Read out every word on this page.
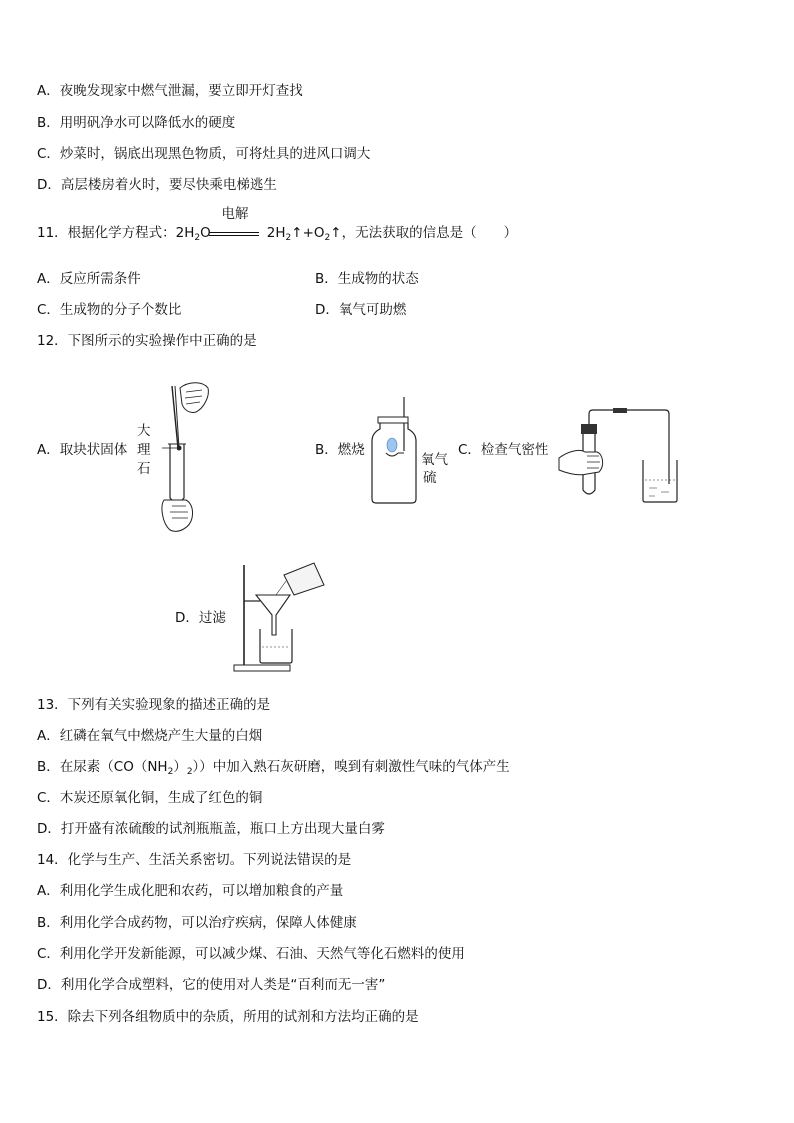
A．夜晚发现家中燃气泄漏，要立即开灯查找
B．用明矾净水可以降低水的硬度
C．炒菜时，锅底出现黑色物质，可将灶具的进风口调大
D．高层楼房着火时，要尽快乘电梯逃生
11．根据化学方程式：$2H_2O$	$2H_2↑+O_2↑$，无法获取的信息是（　　）
电解
A．反应所需条件	B．生成物的状态
C．生成物的分子个数比	D．氧气可助燃
12．下图所示的实验操作中正确的是
A．取块状固体
大
理
石
B．燃烧
氧气
硫
C．检查气密性
D．过滤
13．下列有关实验现象的描述正确的是
A．红磷在氧气中燃烧产生大量的白烟
B．在尿素$(CO(NH_2)_2)$）中加入熟石灰研磨，嗅到有刺激性气味的气体产生
C．木炭还原氧化铜，生成了红色的铜
D．打开盛有浓硫酸的试剂瓶瓶盖，瓶口上方出现大量白雾
14．化学与生产、生活关系密切。下列说法错误的是
A．利用化学生成化肥和农药，可以增加粮食的产量
B．利用化学合成药物，可以治疗疾病，保障人体健康
C．利用化学开发新能源，可以减少煤、石油、天然气等化石燃料的使用
D．利用化学合成塑料，它的使用对人类是“百利而无一害”
15．除去下列各组物质中的杂质，所用的试剂和方法均正确的是
